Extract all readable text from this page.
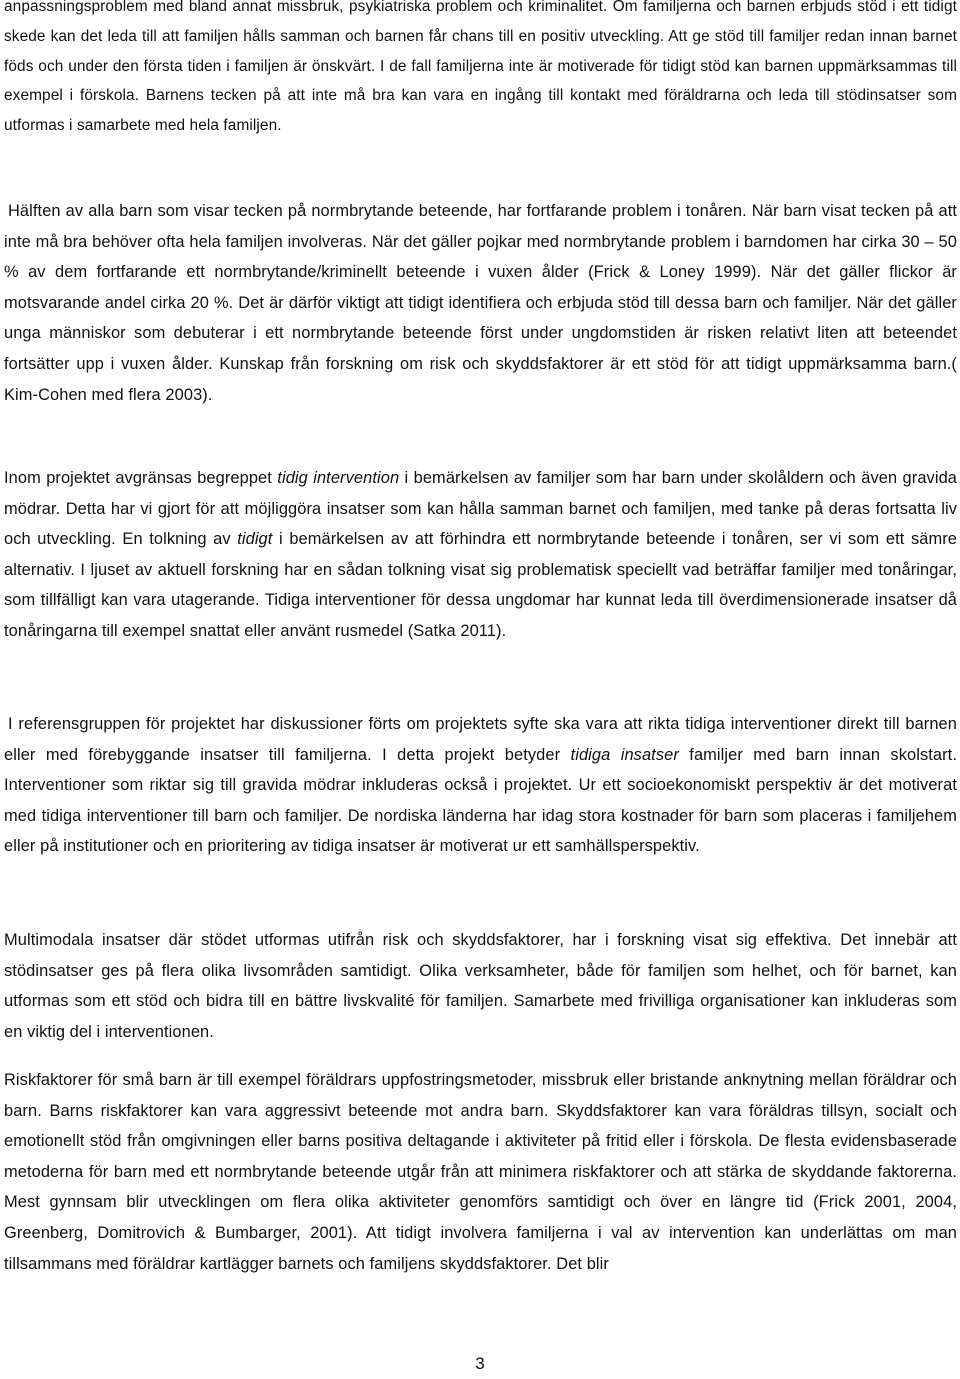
anpassningsproblem med bland annat missbruk, psykiatriska problem och kriminalitet. Om familjerna och barnen erbjuds stöd i ett tidigt skede kan det leda till att familjen hålls samman och barnen får chans till en positiv utveckling. Att ge stöd till familjer redan innan barnet föds och under den första tiden i familjen är önskvärt. I de fall familjerna inte är motiverade för tidigt stöd kan barnen uppmärksammas till exempel i förskola. Barnens tecken på att inte må bra kan vara en ingång till kontakt med föräldrarna och leda till stödinsatser som utformas i samarbete med hela familjen.

Hälften av alla barn som visar tecken på normbrytande beteende, har fortfarande problem i tonåren. När barn visat tecken på att inte må bra behöver ofta hela familjen involveras. När det gäller pojkar med normbrytande problem i barndomen har cirka 30 – 50 % av dem fortfarande ett normbrytande/kriminellt beteende i vuxen ålder (Frick & Loney 1999). När det gäller flickor är motsvarande andel cirka 20 %. Det är därför viktigt att tidigt identifiera och erbjuda stöd till dessa barn och familjer. När det gäller unga människor som debuterar i ett normbrytande beteende först under ungdomstiden är risken relativt liten att beteendet fortsätter upp i vuxen ålder. Kunskap från forskning om risk och skyddsfaktorer är ett stöd för att tidigt uppmärksamma barn.( Kim-Cohen med flera 2003).

Inom projektet avgränsas begreppet tidig intervention i bemärkelsen av familjer som har barn under skolåldern och även gravida mödrar. Detta har vi gjort för att möjliggöra insatser som kan hålla samman barnet och familjen, med tanke på deras fortsatta liv och utveckling. En tolkning av tidigt i bemärkelsen av att förhindra ett normbrytande beteende i tonåren, ser vi som ett sämre alternativ. I ljuset av aktuell forskning har en sådan tolkning visat sig problematisk speciellt vad beträffar familjer med tonåringar, som tillfälligt kan vara utagerande. Tidiga interventioner för dessa ungdomar har kunnat leda till överdimensionerade insatser då tonåringarna till exempel snattat eller använt rusmedel (Satka 2011).

I referensgruppen för projektet har diskussioner förts om projektets syfte ska vara att rikta tidiga interventioner direkt till barnen eller med förebyggande insatser till familjerna. I detta projekt betyder tidiga insatser familjer med barn innan skolstart. Interventioner som riktar sig till gravida mödrar inkluderas också i projektet. Ur ett socioekonomiskt perspektiv är det motiverat med tidiga interventioner till barn och familjer. De nordiska länderna har idag stora kostnader för barn som placeras i familjehem eller på institutioner och en prioritering av tidiga insatser är motiverat ur ett samhällsperspektiv.

Multimodala insatser där stödet utformas utifrån risk och skyddsfaktorer, har i forskning visat sig effektiva. Det innebär att stödinsatser ges på flera olika livsområden samtidigt. Olika verksamheter, både för familjen som helhet, och för barnet, kan utformas som ett stöd och bidra till en bättre livskvalité för familjen. Samarbete med frivilliga organisationer kan inkluderas som en viktig del i interventionen.

Riskfaktorer för små barn är till exempel föräldrars uppfostringsmetoder, missbruk eller bristande anknytning mellan föräldrar och barn. Barns riskfaktorer kan vara aggressivt beteende mot andra barn. Skyddsfaktorer kan vara föräldras tillsyn, socialt och emotionellt stöd från omgivningen eller barns positiva deltagande i aktiviteter på fritid eller i förskola. De flesta evidensbaserade metoderna för barn med ett normbrytande beteende utgår från att minimera riskfaktorer och att stärka de skyddande faktorerna. Mest gynnsam blir utvecklingen om flera olika aktiviteter genomförs samtidigt och över en längre tid (Frick 2001, 2004, Greenberg, Domitrovich & Bumbarger, 2001). Att tidigt involvera familjerna i val av intervention kan underlättas om man tillsammans med föräldrar kartlägger barnets och familjens skyddsfaktorer. Det blir

3
